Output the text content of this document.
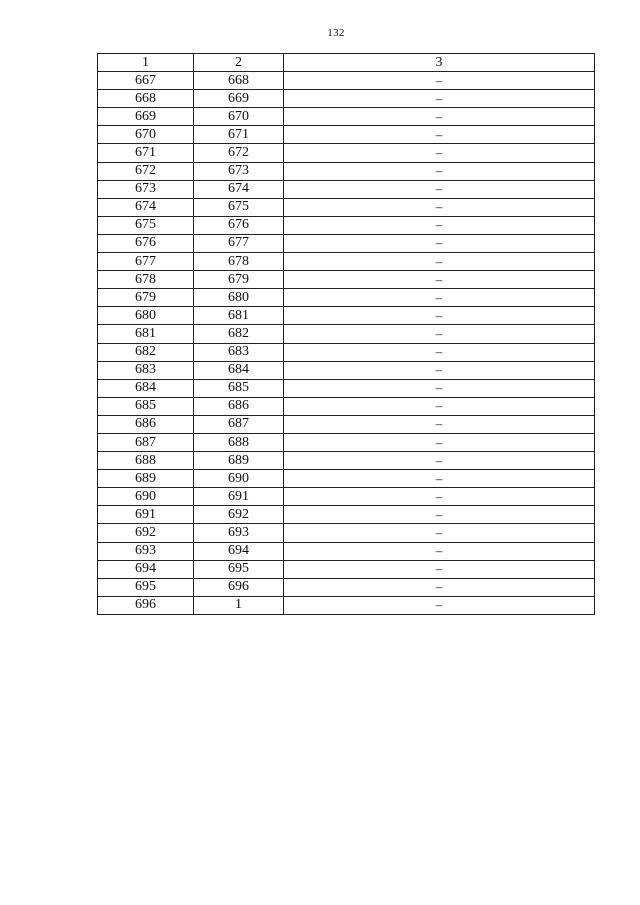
132
1	2	3
667	668	–
668	669	–
669	670	–
670	671	–
671	672	–
672	673	–
673	674	–
674	675	–
675	676	–
676	677	–
677	678	–
678	679	–
679	680	–
680	681	–
681	682	–
682	683	–
683	684	–
684	685	–
685	686	–
686	687	–
687	688	–
688	689	–
689	690	–
690	691	–
691	692	–
692	693	–
693	694	–
694	695	–
695	696	–
696	1	–
